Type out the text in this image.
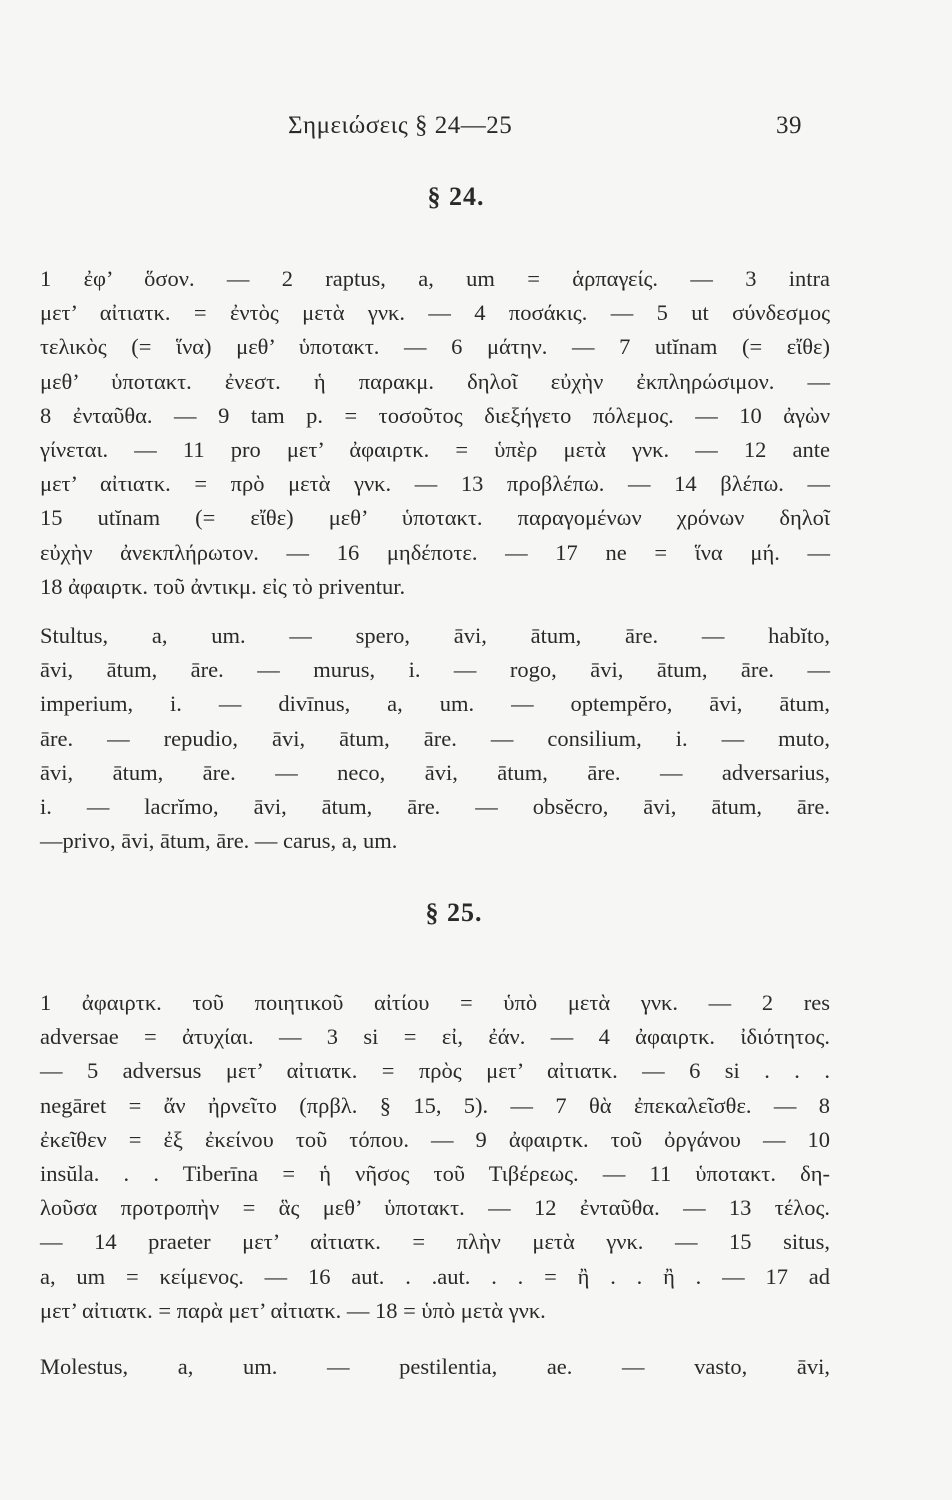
Σημειώσεις § 24—25	39
§ 24.
1 ἐφ’ ὅσον. — 2 raptus, a, um = ἁρπαγείς. — 3 intra
μετ’ αἰτιατκ. = ἐντὸς μετὰ γνκ. — 4 ποσάκις. — 5 ut σύνδεσμος
τελικὸς (= ἵνα) μεθ’ ὑποτακτ. — 6 μάτην. — 7 utĭnam (= εἴθε)
μεθ’ ὑποτακτ. ἐνεστ. ἡ παρακμ. δηλοῖ εὐχὴν ἐκπληρώσιμον. —
8 ἐνταῦθα. — 9 tam p. = τοσοῦτος διεξήγετο πόλεμος. — 10 ἀγὼν
γίνεται. — 11 pro μετ’ ἀφαιρτκ. = ὑπὲρ μετὰ γνκ. — 12 ante
μετ’ αἰτιατκ. = πρὸ μετὰ γνκ. — 13 προβλέπω. — 14 βλέπω. —
15 utĭnam (= εἴθε) μεθ’ ὑποτακτ. παραγομένων χρόνων δηλοῖ
εὐχὴν ἀνεκπλήρωτον. — 16 μηδέποτε. — 17 ne = ἵνα μή. —
18 ἀφαιρτκ. τοῦ ἀντικμ. εἰς τὸ priventur.
Stultus, a, um. — spero, āvi, ātum, āre. — habĭto,
āvi, ātum, āre. — murus, i. — rogo, āvi, ātum, āre. —
imperium, i. — divīnus, a, um. — optempĕro, āvi, ātum,
āre. — repudio, āvi, ātum, āre. — consilium, i. — muto,
āvi, ātum, āre. — neco, āvi, ātum, āre. — adversarius,
i. — lacrĭmo, āvi, ātum, āre. — obsĕcro, āvi, ātum, āre.
—privo, āvi, ātum, āre. — carus, a, um.
§ 25.
1 ἀφαιρτκ. τοῦ ποιητικοῦ αἰτίου = ὑπὸ μετὰ γνκ. — 2 res
adversae = ἀτυχίαι. — 3 si = εἰ, ἐάν. — 4 ἀφαιρτκ. ἰδιότητος.
— 5 adversus μετ’ αἰτιατκ. = πρὸς μετ’ αἰτιατκ. — 6 si . . .
negāret = ἄν ἠρνεῖτο (πρβλ. § 15, 5). — 7 θὰ ἐπεκαλεῖσθε. — 8
ἐκεῖθεν = ἐξ ἐκείνου τοῦ τόπου. — 9 ἀφαιρτκ. τοῦ ὀργάνου — 10
insŭla. . . Tiberīna = ἡ νῆσος τοῦ Τιβέρεως. — 11 ὑποτακτ. δη-
λοῦσα προτροπὴν = ἃς μεθ’ ὑποτακτ. — 12 ἐνταῦθα. — 13 τέλος.
— 14 praeter μετ’ αἰτιατκ. = πλὴν μετὰ γνκ. — 15 situs,
a, um = κείμενος. — 16 aut. . .aut. . . = ἢ . . ἢ . — 17 ad
μετ’ αἰτιατκ. = παρὰ μετ’ αἰτιατκ. — 18 = ὑπὸ μετὰ γνκ.
Molestus, a, um. — pestilentia, ae. — vasto, āvi,
